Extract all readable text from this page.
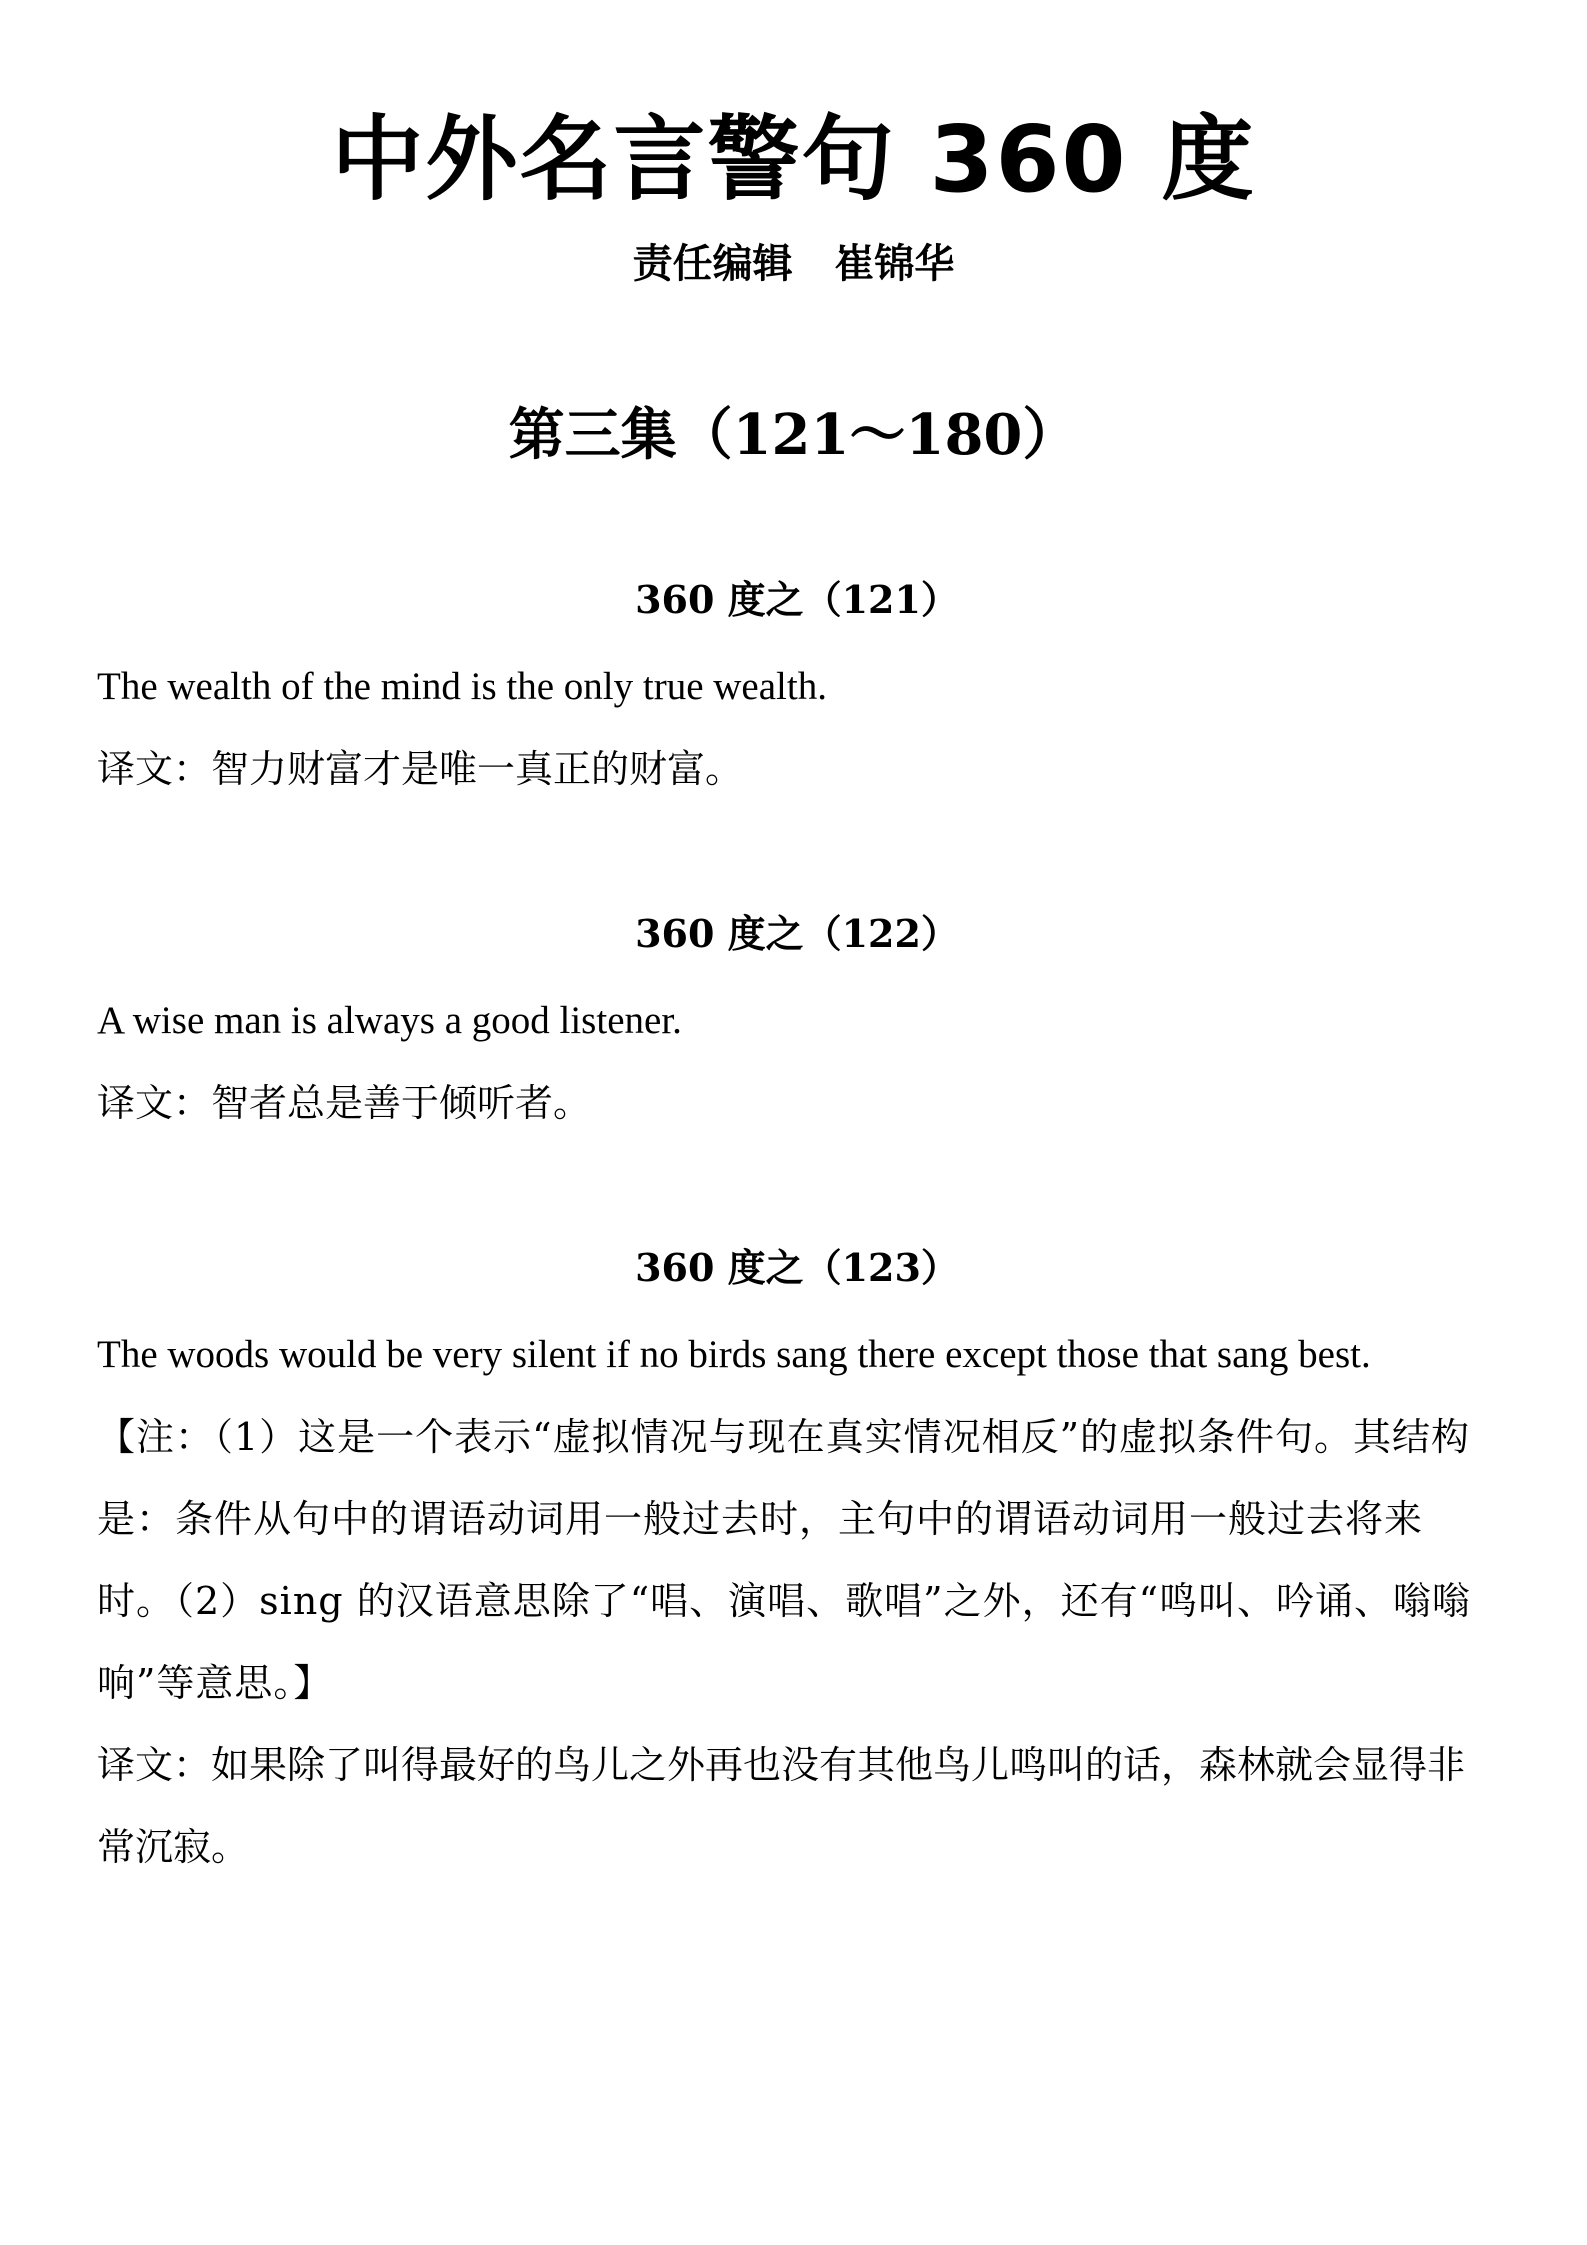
中外名言警句 360 度
责任编辑   崔锦华
第三集（121～180）
360 度之（121）
The wealth of the mind is the only true wealth.
译文：智力财富才是唯一真正的财富。
360 度之（122）
A wise man is always a good listener.
译文：智者总是善于倾听者。
360 度之（123）
The woods would be very silent if no birds sang there except those that sang best.
【注：（1）这是一个表示“虚拟情况与现在真实情况相反”的虚拟条件句。其结构是：条件从句中的谓语动词用一般过去时，主句中的谓语动词用一般过去将来时。（2）sing 的汉语意思除了“唱、演唱、歌唱”之外，还有“鸣叫、吟诵、嗡嗡响”等意思。】
译文：如果除了叫得最好的鸟儿之外再也没有其他鸟儿鸣叫的话，森林就会显得非常沉寂。
